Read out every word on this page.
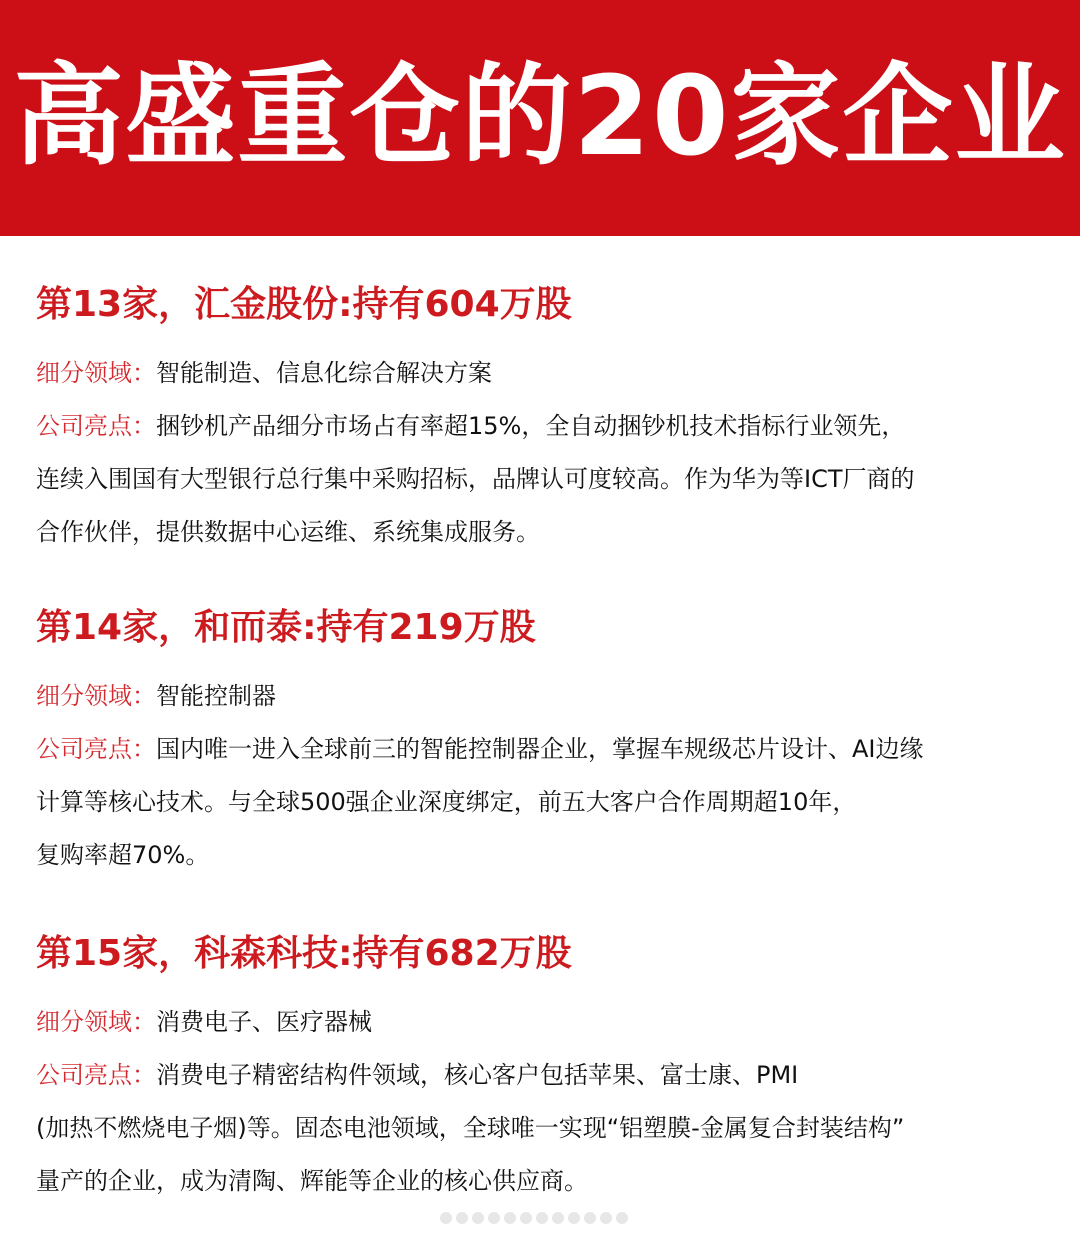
高盛重仓的20家企业
第13家，汇金股份:持有604万股
细分领域：智能制造、信息化综合解决方案
公司亮点：捆钞机产品细分市场占有率超15%，全自动捆钞机技术指标行业领先，
连续入围国有大型银行总行集中采购招标，品牌认可度较高。作为华为等ICT厂商的
合作伙伴，提供数据中心运维、系统集成服务。
第14家，和而泰:持有219万股
细分领域：智能控制器
公司亮点：国内唯一进入全球前三的智能控制器企业，掌握车规级芯片设计、AI边缘
计算等核心技术。与全球500强企业深度绑定，前五大客户合作周期超10年，
复购率超70%。
第15家，科森科技:持有682万股
细分领域：消费电子、医疗器械
公司亮点：消费电子精密结构件领域，核心客户包括苹果、富士康、PMI
(加热不燃烧电子烟)等。固态电池领域，全球唯一实现“铝塑膜-金属复合封装结构”
量产的企业，成为清陶、辉能等企业的核心供应商。
